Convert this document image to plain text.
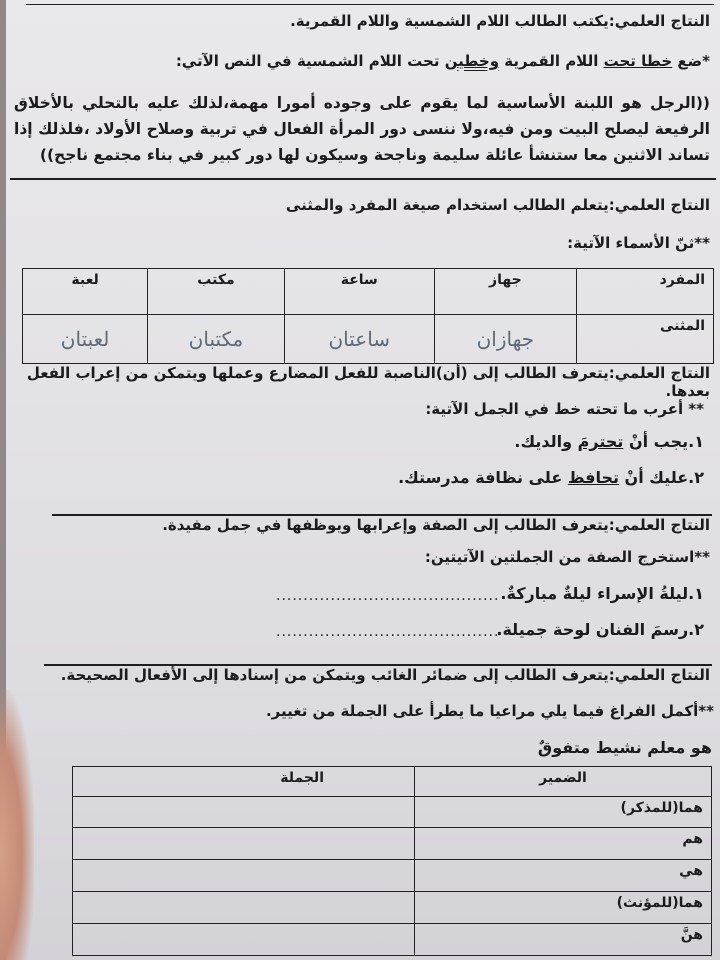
النتاج العلمي:يكتب الطالب اللام الشمسية واللام القمرية.
*ضع خطا تحت اللام القمرية وخطين تحت اللام الشمسية في النص الآتي:
((الرجل هو اللبنة الأساسية لما يقوم على وجوده أمورا مهمة،لذلك عليه بالتحلي بالأخلاق الرفيعة ليصلح البيت ومن فيه،ولا ننسى دور المرأة الفعال في تربية وصلاح الأولاد ،فلذلك إذا تساند الاثنين معا ستنشأ عائلة سليمة وناجحة وسيكون لها دور كبير في بناء مجتمع ناجح))
النتاج العلمي:يتعلم الطالب استخدام صيغة المفرد والمثنى
**ثنّ الأسماء الآتية:
المفرد	جهاز	ساعة	مكتب	لعبة
المثنى	جهازان	ساعتان	مكتبان	لعبتان
النتاج العلمي:يتعرف الطالب إلى (أن)الناصبة للفعل المضارع وعملها ويتمكن من إعراب الفعل بعدها.
** أعرب ما تحته خط في الجمل الآتية:
١.يجب أنْ تحترمَ والديك.
٢.عليك أنْ تحافظ على نظافة مدرستك.
النتاج العلمي:يتعرف الطالب إلى الصفة وإعرابها ويوظفها في جمل مفيدة.
**استخرج الصفة من الجملتين الآتيتين:
١.ليلةُ الإسراء ليلةٌ مباركةٌ.
.........................................
٢.رسمَ الفنان لوحة جميلة.
.........................................
النتاج العلمي:يتعرف الطالب إلى ضمائر الغائب ويتمكن من إسنادها إلى الأفعال الصحيحة.
**أكمل الفراغ فيما يلي مراعيا ما يطرأ على الجملة من تغيير.
هو معلم نشيط متفوقٌ
الضمير	الجملة
هما(للمذكر)	
هم	
هي	
هما(للمؤنث)	
هنَّ	
